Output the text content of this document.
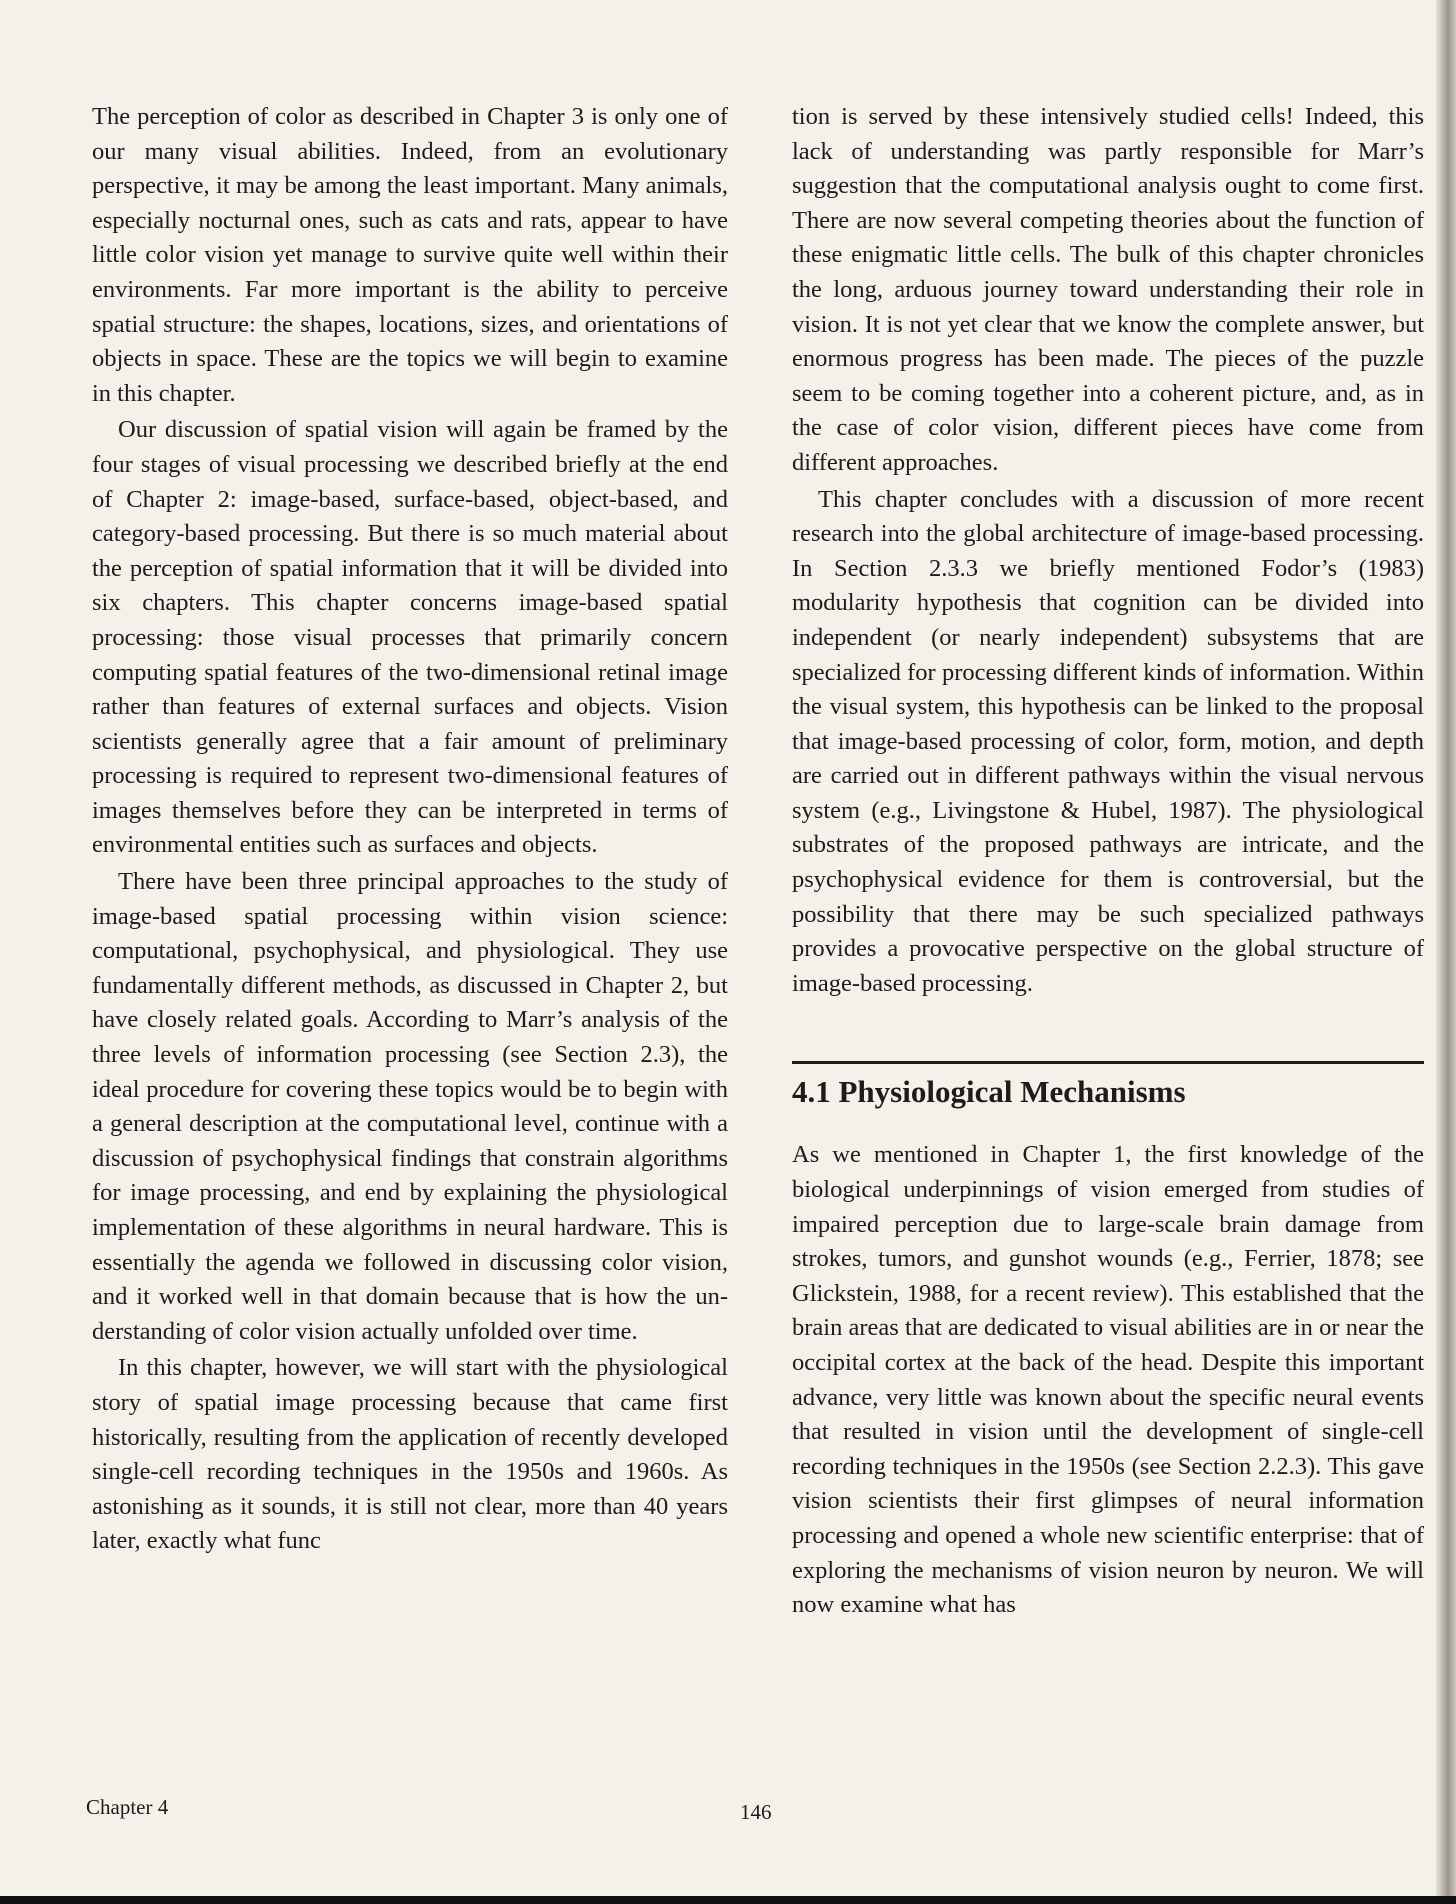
The perception of color as described in Chapter 3 is only one of our many visual abilities. Indeed, from an evolutionary perspective, it may be among the least important. Many animals, especially nocturnal ones, such as cats and rats, appear to have little color vision yet manage to survive quite well within their environments. Far more important is the ability to perceive spatial structure: the shapes, locations, sizes, and orientations of objects in space. These are the topics we will begin to examine in this chapter.

Our discussion of spatial vision will again be framed by the four stages of visual processing we described briefly at the end of Chapter 2: image-based, surface-based, object-based, and category-based processing. But there is so much material about the perception of spatial information that it will be divided into six chapters. This chapter concerns image-based spatial processing: those visual processes that primarily concern computing spatial features of the two-dimensional retinal image rather than features of external surfaces and objects. Vision scientists generally agree that a fair amount of preliminary processing is required to represent two-dimensional features of images themselves before they can be interpreted in terms of environmental entities such as surfaces and objects.

There have been three principal approaches to the study of image-based spatial processing within vision science: computational, psychophysical, and physiological. They use fundamentally different methods, as discussed in Chapter 2, but have closely related goals. According to Marr’s analysis of the three levels of information processing (see Section 2.3), the ideal procedure for covering these topics would be to begin with a general description at the computational level, continue with a discussion of psychophysical findings that constrain algorithms for image processing, and end by explaining the physiological implementation of these algorithms in neural hardware. This is essentially the agenda we followed in discussing color vision, and it worked well in that domain because that is how the understanding of color vision actually unfolded over time.

In this chapter, however, we will start with the physiological story of spatial image processing because that came first historically, resulting from the application of recently developed single-cell recording techniques in the 1950s and 1960s. As astonishing as it sounds, it is still not clear, more than 40 years later, exactly what func

tion is served by these intensively studied cells! Indeed, this lack of understanding was partly responsible for Marr’s suggestion that the computational analysis ought to come first. There are now several competing theories about the function of these enigmatic little cells. The bulk of this chapter chronicles the long, arduous journey toward understanding their role in vision. It is not yet clear that we know the complete answer, but enormous progress has been made. The pieces of the puzzle seem to be coming together into a coherent picture, and, as in the case of color vision, different pieces have come from different approaches.

This chapter concludes with a discussion of more recent research into the global architecture of image-based processing. In Section 2.3.3 we briefly mentioned Fodor’s (1983) modularity hypothesis that cognition can be divided into independent (or nearly independent) subsystems that are specialized for processing different kinds of information. Within the visual system, this hypothesis can be linked to the proposal that image-based processing of color, form, motion, and depth are carried out in different pathways within the visual nervous system (e.g., Livingstone & Hubel, 1987). The physiological substrates of the proposed pathways are intricate, and the psychophysical evidence for them is controversial, but the possibility that there may be such specialized pathways provides a provocative perspective on the global structure of image-based processing.

4.1 Physiological Mechanisms

As we mentioned in Chapter 1, the first knowledge of the biological underpinnings of vision emerged from studies of impaired perception due to large-scale brain damage from strokes, tumors, and gunshot wounds (e.g., Ferrier, 1878; see Glickstein, 1988, for a recent review). This established that the brain areas that are dedicated to visual abilities are in or near the occipital cortex at the back of the head. Despite this important advance, very little was known about the specific neural events that resulted in vision until the development of single-cell recording techniques in the 1950s (see Section 2.2.3). This gave vision scientists their first glimpses of neural information processing and opened a whole new scientific enterprise: that of exploring the mechanisms of vision neuron by neuron. We will now examine what has

Chapter 4	146
